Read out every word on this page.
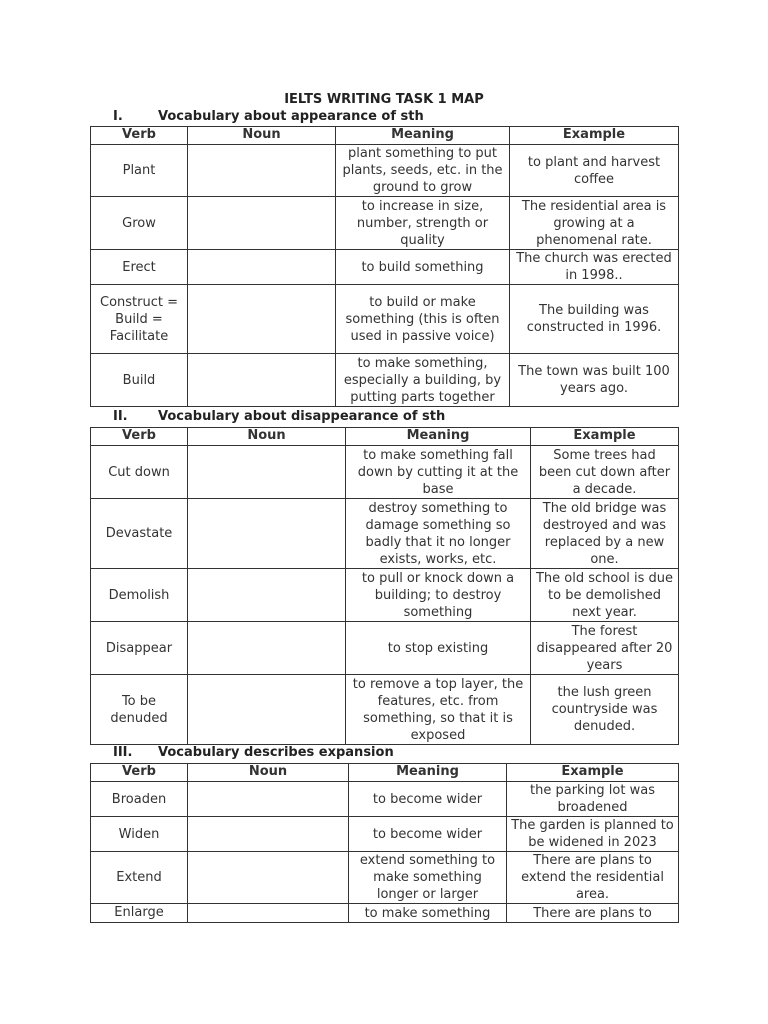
IELTS WRITING TASK 1 MAP
I.	Vocabulary about appearance of sth
Verb	Noun	Meaning	Example
Plant		plant something to put plants, seeds, etc. in the ground to grow	to plant and harvest coffee
Grow		to increase in size, number, strength or quality	The residential area is growing at a phenomenal rate.
Erect		to build something	The church was erected in 1998..
Construct = Build = Facilitate		to build or make something (this is often used in passive voice)	The building was constructed in 1996.
Build		to make something, especially a building, by putting parts together	The town was built 100 years ago.
II. Vocabulary about disappearance of sth
Verb	Noun	Meaning	Example
Cut down		to make something fall down by cutting it at the base	Some trees had been cut down after a decade.
Devastate		destroy something to damage something so badly that it no longer exists, works, etc.	The old bridge was destroyed and was replaced by a new one.
Demolish		to pull or knock down a building; to destroy something	The old school is due to be demolished next year.
Disappear		to stop existing	The forest disappeared after 20 years
To be denuded		to remove a top layer, the features, etc. from something, so that it is exposed	the lush green countryside was denuded.
III. Vocabulary describes expansion
Verb	Noun	Meaning	Example
Broaden		to become wider	the parking lot was broadened
Widen		to become wider	The garden is planned to be widened in 2023
Extend		extend something to make something longer or larger	There are plans to extend the residential area.
Enlarge		to make something	There are plans to
